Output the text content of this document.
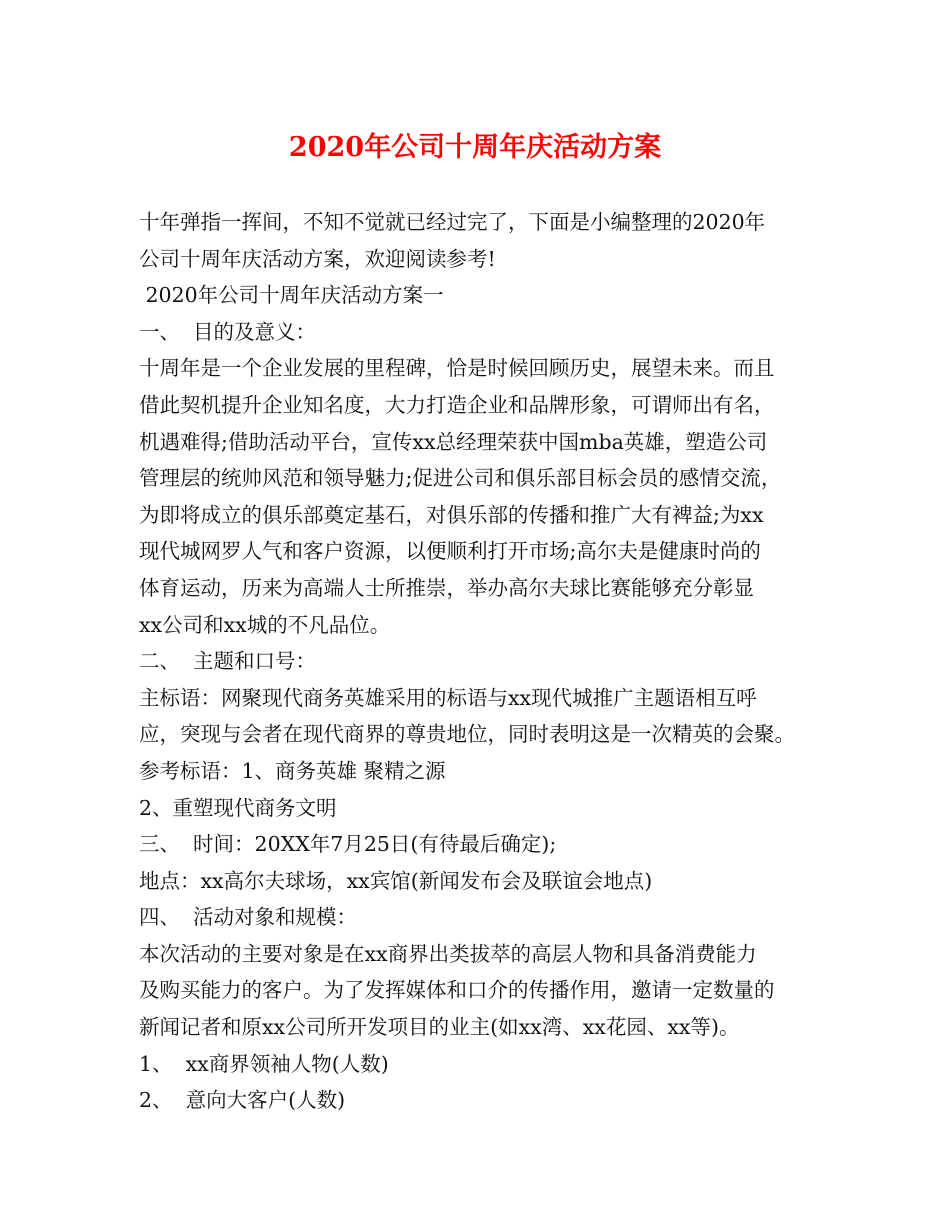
2020年公司十周年庆活动方案
十年弹指一挥间，不知不觉就已经过完了，下面是小编整理的2020年
公司十周年庆活动方案，欢迎阅读参考!
2020年公司十周年庆活动方案一
一、  目的及意义：
十周年是一个企业发展的里程碑，恰是时候回顾历史，展望未来。而且
借此契机提升企业知名度，大力打造企业和品牌形象，可谓师出有名，
机遇难得;借助活动平台，宣传xx总经理荣获中国mba英雄，塑造公司
管理层的统帅风范和领导魅力;促进公司和俱乐部目标会员的感情交流，
为即将成立的俱乐部奠定基石，对俱乐部的传播和推广大有裨益;为xx
现代城网罗人气和客户资源，以便顺利打开市场;高尔夫是健康时尚的
体育运动，历来为高端人士所推崇，举办高尔夫球比赛能够充分彰显
xx公司和xx城的不凡品位。
二、  主题和口号：
主标语：网聚现代商务英雄采用的标语与xx现代城推广主题语相互呼
应，突现与会者在现代商界的尊贵地位，同时表明这是一次精英的会聚。
参考标语：1、商务英雄 聚精之源
2、重塑现代商务文明
三、  时间：20XX年7月25日(有待最后确定);
地点：xx高尔夫球场，xx宾馆(新闻发布会及联谊会地点)
四、  活动对象和规模：
本次活动的主要对象是在xx商界出类拔萃的高层人物和具备消费能力
及购买能力的客户。为了发挥媒体和口介的传播作用，邀请一定数量的
新闻记者和原xx公司所开发项目的业主(如xx湾、xx花园、xx等)。
1、  xx商界领袖人物(人数)
2、  意向大客户(人数)
